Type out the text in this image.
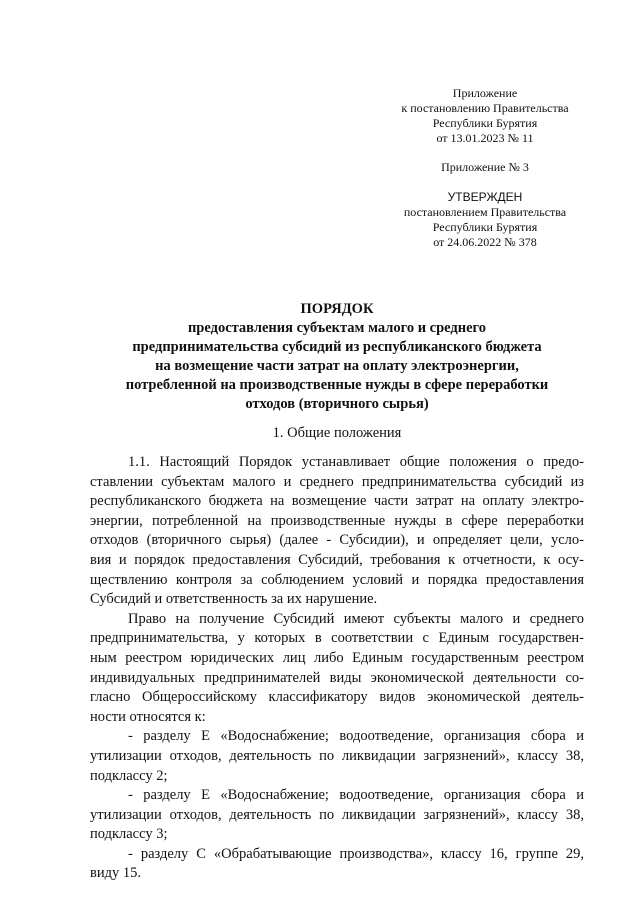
Приложение
к постановлению Правительства
Республики Бурятия
от 13.01.2023 № 11
Приложение № 3
УТВЕРЖДЕН
постановлением Правительства
Республики Бурятия
от 24.06.2022 № 378
ПОРЯДОК
предоставления субъектам малого и среднего
предпринимательства субсидий из республиканского бюджета
на возмещение части затрат на оплату электроэнергии,
потребленной на производственные нужды в сфере переработки
отходов (вторичного сырья)
1. Общие положения
1.1. Настоящий Порядок устанавливает общие положения о предо-
ставлении субъектам малого и среднего предпринимательства субсидий из
республиканского бюджета на возмещение части затрат на оплату электро-
энергии, потребленной на производственные нужды в сфере переработки
отходов (вторичного сырья) (далее - Субсидии), и определяет цели, усло-
вия и порядок предоставления Субсидий, требования к отчетности, к осу-
ществлению контроля за соблюдением условий и порядка предоставления
Субсидий и ответственность за их нарушение.
Право на получение Субсидий имеют субъекты малого и среднего
предпринимательства, у которых в соответствии с Единым государствен-
ным реестром юридических лиц либо Единым государственным реестром
индивидуальных предпринимателей виды экономической деятельности со-
гласно Общероссийскому классификатору видов экономической деятель-
ности относятся к:
- разделу Е «Водоснабжение; водоотведение, организация сбора и
утилизации отходов, деятельность по ликвидации загрязнений», классу 38,
подклассу 2;
- разделу Е «Водоснабжение; водоотведение, организация сбора и
утилизации отходов, деятельность по ликвидации загрязнений», классу 38,
подклассу 3;
- разделу С «Обрабатывающие производства», классу 16, группе 29,
виду 15.
